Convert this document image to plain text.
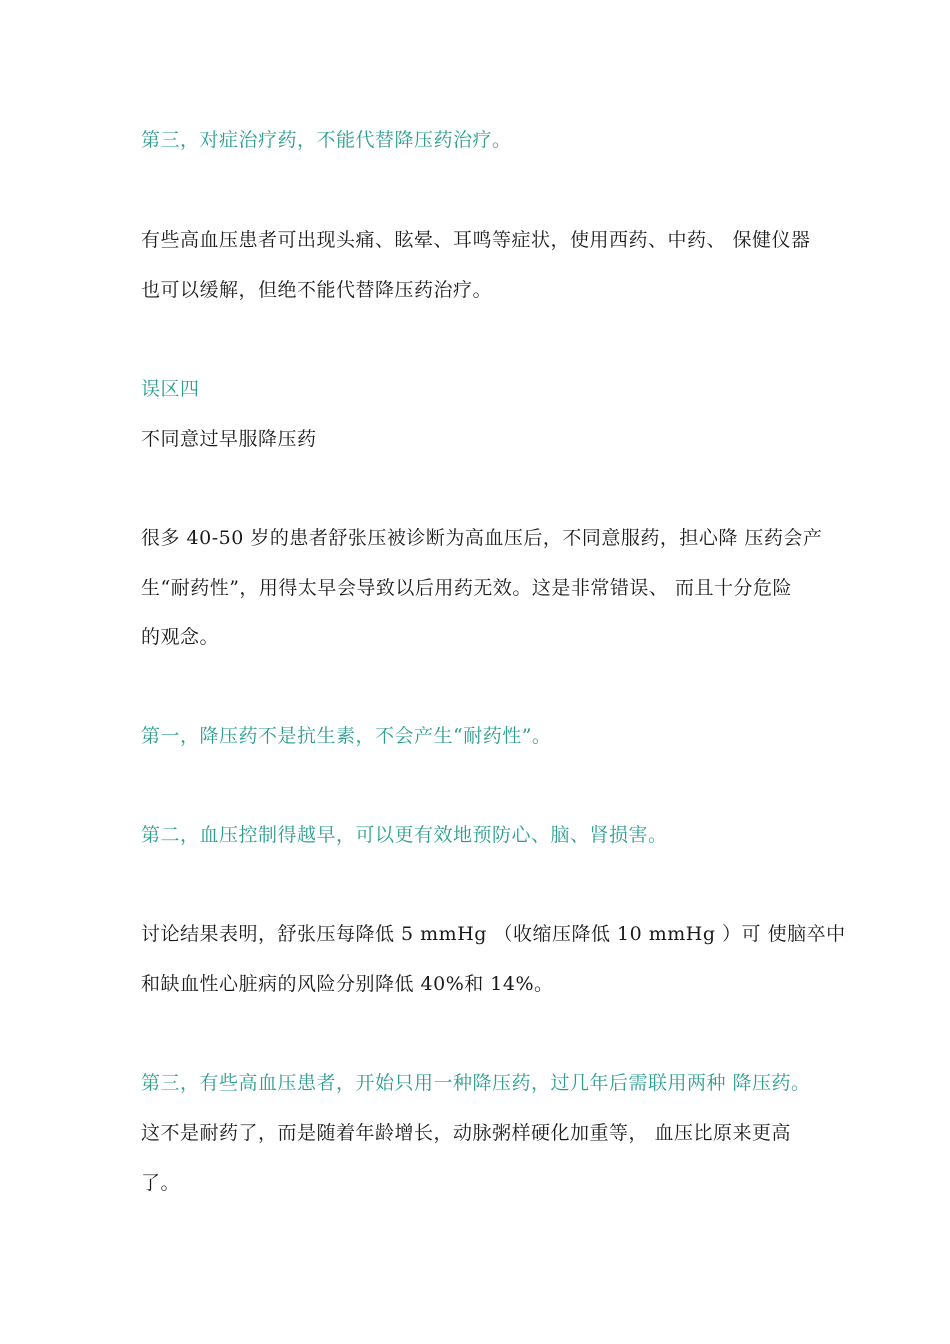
第三，对症治疗药，不能代替降压药治疗。
有些高血压患者可出现头痛、眩晕、耳鸣等症状，使用西药、中药、 保健仪器
也可以缓解，但绝不能代替降压药治疗。
误区四
不同意过早服降压药
很多 40-50 岁的患者舒张压被诊断为高血压后，不同意服药，担心降 压药会产
生“耐药性”，用得太早会导致以后用药无效。这是非常错误、 而且十分危险
的观念。
第一，降压药不是抗生素，不会产生“耐药性”。
第二，血压控制得越早，可以更有效地预防心、脑、肾损害。
讨论结果表明，舒张压每降低 5 mmHg （收缩压降低 10 mmHg ）可 使脑卒中
和缺血性心脏病的风险分别降低 40%和 14%。
第三，有些高血压患者，开始只用一种降压药，过几年后需联用两种 降压药。
这不是耐药了，而是随着年龄增长，动脉粥样硬化加重等， 血压比原来更高
了。
